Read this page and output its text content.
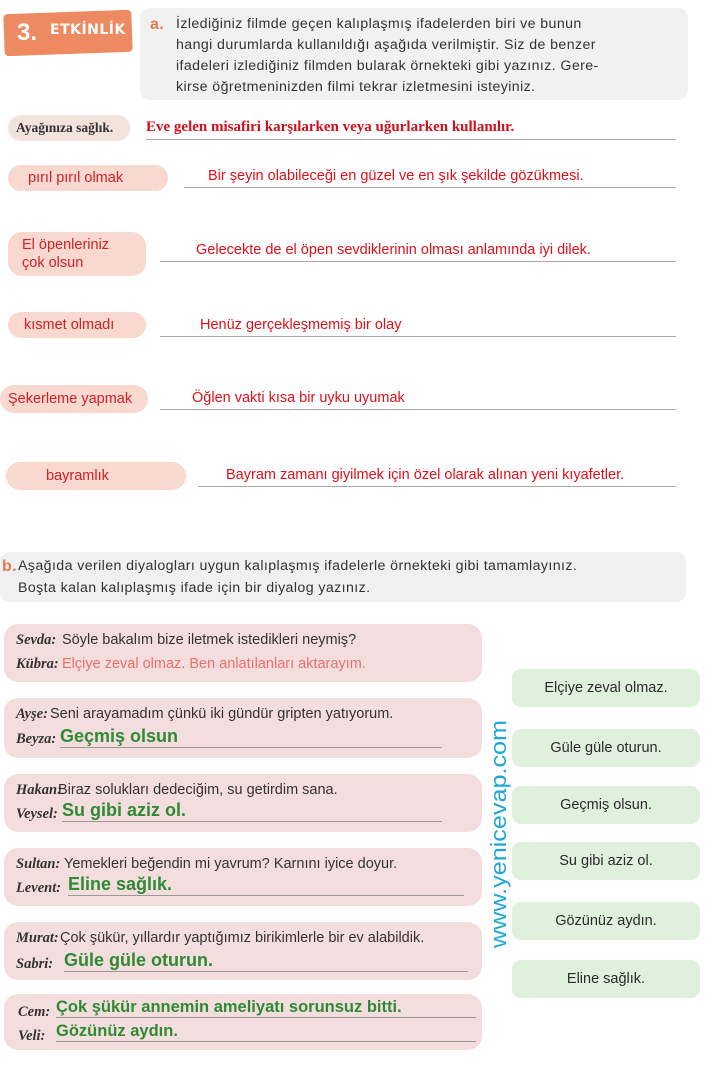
3. ETKİNLİK a. İzlediğiniz filmde geçen kalıplaşmış ifadelerden biri ve bunun
hangi durumlarda kullanıldığı aşağıda verilmiştir. Siz de benzer
ifadeleri izlediğiniz filmden bularak örnekteki gibi yazınız. Gere-
kirse öğretmeninizden filmi tekrar izletmesini isteyiniz.
Ayağınıza sağlık.	Eve gelen misafiri karşılarken veya uğurlarken kullanılır.
pırıl pırıl olmak	Bir şeyin olabileceği en güzel ve en şık şekilde gözükmesi.
El öpenleriniz
çok olsun
Gelecekte de el öpen sevdiklerinin olması anlamında iyi dilek.
kısmet olmadı	Henüz gerçekleşmemiş bir olay
Şekerleme yapmak	Öğlen vakti kısa bir uyku uyumak
bayramlık	Bayram zamanı giyilmek için özel olarak alınan yeni kıyafetler.
b. Aşağıda verilen diyalogları uygun kalıplaşmış ifadelerle örnekteki gibi tamamlayınız.
Boşta kalan kalıplaşmış ifade için bir diyalog yazınız.
Sevda: Söyle bakalım bize iletmek istedikleri neymiş?
Kübra: Elçiye zeval olmaz. Ben anlatılanları aktarayım.
Ayşe: Seni arayamadım çünkü iki gündür gripten yatıyorum.
Beyza: Geçmiş olsun
Hakan:
Biraz solukları dedeciğim, su getirdim sana.
Veysel: Su gibi aziz ol.
Sultan: Yemekleri beğendin mi yavrum? Karnını iyice doyur.
Levent: Eline sağlık.
Murat: Çok şükür, yıllardır yaptığımız birikimlerle bir ev alabildik.
Sabri: Güle güle oturun.
Cem: Çok şükür annemin ameliyatı sorunsuz bitti.
Veli: Gözünüz aydın.
www.yenicevap.com
Elçiye zeval olmaz.
Güle güle oturun.
Geçmiş olsun.
Su gibi aziz ol.
Gözünüz aydın.
Eline sağlık.
